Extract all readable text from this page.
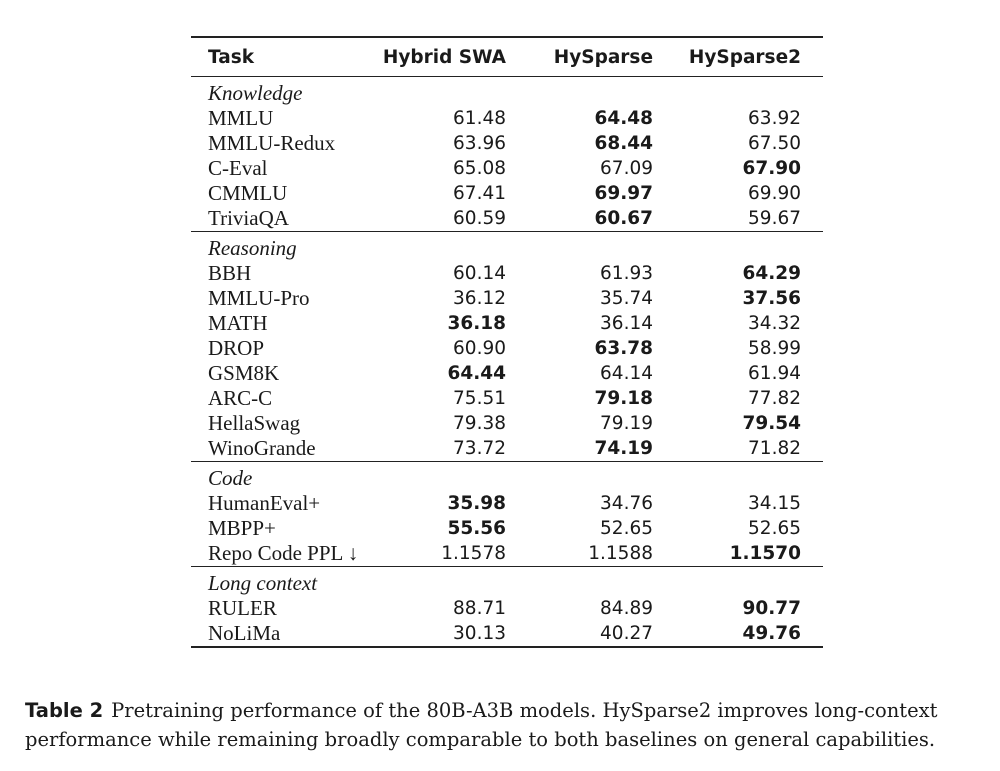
Task	Hybrid SWA	HySparse	HySparse2
Knowledge			
MMLU	61.48	64.48	63.92
MMLU-Redux	63.96	68.44	67.50
C-Eval	65.08	67.09	67.90
CMMLU	67.41	69.97	69.90
TriviaQA	60.59	60.67	59.67
Reasoning			
BBH	60.14	61.93	64.29
MMLU-Pro	36.12	35.74	37.56
MATH	36.18	36.14	34.32
DROP	60.90	63.78	58.99
GSM8K	64.44	64.14	61.94
ARC-C	75.51	79.18	77.82
HellaSwag	79.38	79.19	79.54
WinoGrande	73.72	74.19	71.82
Code			
HumanEval+	35.98	34.76	34.15
MBPP+	55.56	52.65	52.65
Repo Code PPL ↓	1.1578	1.1588	1.1570
Long context			
RULER	88.71	84.89	90.77
NoLiMa	30.13	40.27	49.76
Table 2 Pretraining performance of the 80B-A3B models. HySparse2 improves long-context performance while remaining broadly comparable to both baselines on general capabilities.
